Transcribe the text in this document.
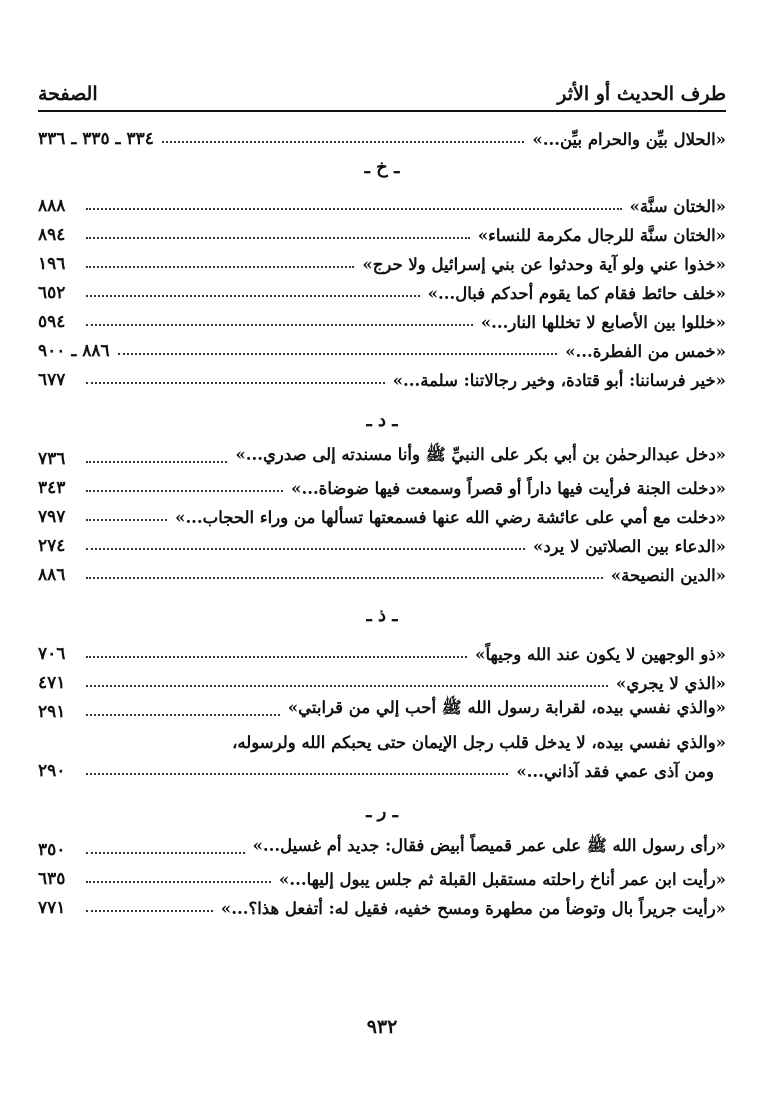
طرف الحديث أو الأثر
الصفحة
«الحلال بيِّن والحرام بيِّن...»
٣٣٤ ـ ٣٣٥ ـ ٣٣٦
ـ خ ـ
«الختان سنَّة»
٨٨٨
«الختان سنَّة للرجال مكرمة للنساء»
٨٩٤
«خذوا عني ولو آية وحدثوا عن بني إسرائيل ولا حرج»
١٩٦
«خلف حائط فقام كما يقوم أحدكم فبال...»
٦٥٢
«خللوا بين الأصابع لا تخللها النار...»
٥٩٤
«خمس من الفطرة...»
٨٨٦ ـ ٩٠٠
«خير فرساننا: أبو قتادة، وخير رجالاتنا: سلمة...»
٦٧٧
ـ د ـ
«دخل عبدالرحمٰن بن أبي بكر على النبيِّ ﷺ وأنا مسندته إلى صدري...»
٧٣٦
«دخلت الجنة فرأيت فيها داراً أو قصراً وسمعت فيها ضوضاة...»
٣٤٣
«دخلت مع أمي على عائشة رضي الله عنها فسمعتها تسألها من وراء الحجاب...»
٧٩٧
«الدعاء بين الصلاتين لا يرد»
٢٧٤
«الدين النصيحة»
٨٨٦
ـ ذ ـ
«ذو الوجهين لا يكون عند الله وجيهاً»
٧٠٦
«الذي لا يجري»
٤٧١
«والذي نفسي بيده، لقرابة رسول الله ﷺ أحب إلي من قرابتي»
٢٩١
«والذي نفسي بيده، لا يدخل قلب رجل الإيمان حتى يحبكم الله ولرسوله،
ومن آذى عمي فقد آذاني...»
٢٩٠
ـ ر ـ
«رأى رسول الله ﷺ على عمر قميصاً أبيض فقال: جديد أم غسيل...»
٣٥٠
«رأيت ابن عمر أناخ راحلته مستقبل القبلة ثم جلس يبول إليها...»
٦٣٥
«رأيت جريراً بال وتوضأ من مطهرة ومسح خفيه، فقيل له: أتفعل هذا؟...»
٧٧١
٩٣٢
